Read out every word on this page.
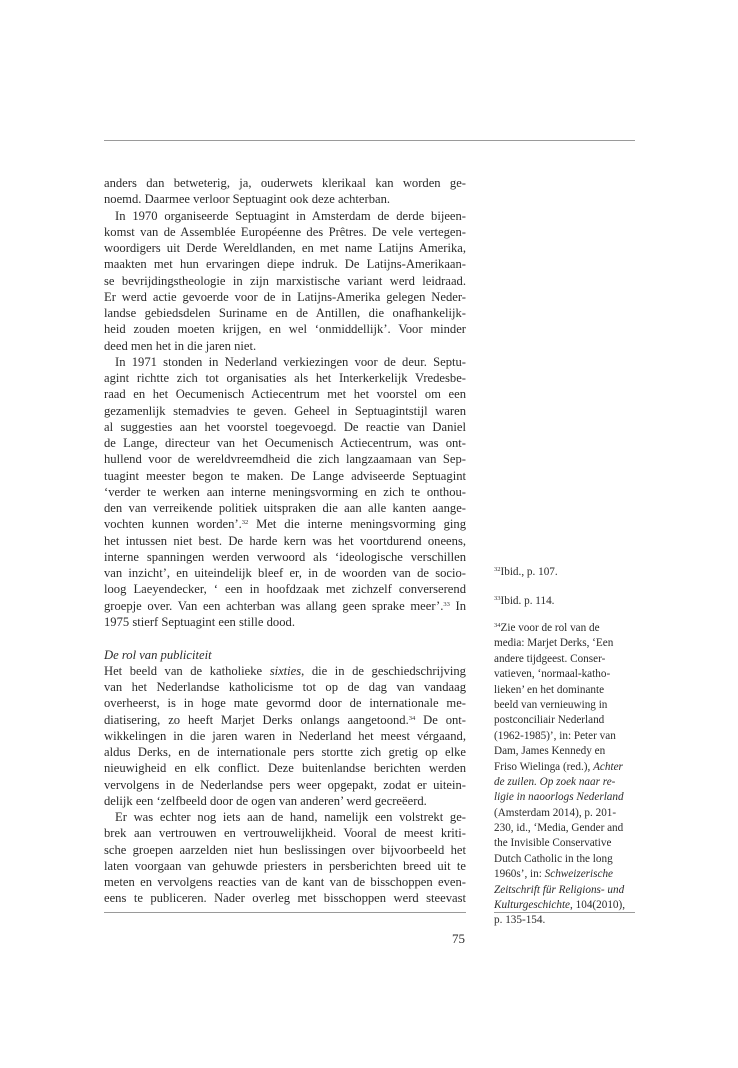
anders dan betweterig, ja, ouderwets klerikaal kan worden ge-
noemd. Daarmee verloor Septuagint ook deze achterban.
In 1970 organiseerde Septuagint in Amsterdam de derde bijeen-
komst van de Assemblée Européenne des Prêtres. De vele vertegen-
woordigers uit Derde Wereldlanden, en met name Latijns Amerika,
maakten met hun ervaringen diepe indruk. De Latijns-Amerikaan-
se bevrijdingstheologie in zijn marxistische variant werd leidraad.
Er werd actie gevoerde voor de in Latijns-Amerika gelegen Neder-
landse gebiedsdelen Suriname en de Antillen, die onafhankelijk-
heid zouden moeten krijgen, en wel ‘onmiddellijk’. Voor minder
deed men het in die jaren niet.
In 1971 stonden in Nederland verkiezingen voor de deur. Septu-
agint richtte zich tot organisaties als het Interkerkelijk Vredesbe-
raad en het Oecumenisch Actiecentrum met het voorstel om een
gezamenlijk stemadvies te geven. Geheel in Septuagintstijl waren
al suggesties aan het voorstel toegevoegd. De reactie van Daniel
de Lange, directeur van het Oecumenisch Actiecentrum, was ont-
hullend voor de wereldvreemdheid die zich langzaamaan van Sep-
tuagint meester begon te maken. De Lange adviseerde Septuagint
‘verder te werken aan interne meningsvorming en zich te onthou-
den van verreikende politiek uitspraken die aan alle kanten aange-
vochten kunnen worden’.$^{32}$ Met die interne meningsvorming ging
het intussen niet best. De harde kern was het voortdurend oneens,
interne spanningen werden verwoord als ‘ideologische verschillen
van inzicht’, en uiteindelijk bleef er, in de woorden van de socio-
loog Laeyendecker, ‘ een in hoofdzaak met zichzelf converserend
groepje over. Van een achterban was allang geen sprake meer’.$^{33}$ In
1975 stierf Septuagint een stille dood.
De rol van publiciteit
Het beeld van de katholieke sixties, die in de geschiedschrijving
van het Nederlandse katholicisme tot op de dag van vandaag
overheerst, is in hoge mate gevormd door de internationale me-
diatisering, zo heeft Marjet Derks onlangs aangetoond.$^{34}$ De ont-
wikkelingen in die jaren waren in Nederland het meest vérgaand,
aldus Derks, en de internationale pers stortte zich gretig op elke
nieuwigheid en elk conflict. Deze buitenlandse berichten werden
vervolgens in de Nederlandse pers weer opgepakt, zodat er uitein-
delijk een ‘zelfbeeld door de ogen van anderen’ werd gecreëerd.
Er was echter nog iets aan de hand, namelijk een volstrekt ge-
brek aan vertrouwen en vertrouwelijkheid. Vooral de meest kriti-
sche groepen aarzelden niet hun beslissingen over bijvoorbeeld het
laten voorgaan van gehuwde priesters in persberichten breed uit te
meten en vervolgens reacties van de kant van de bisschoppen even-
eens te publiceren. Nader overleg met bisschoppen werd steevast
$^{32}$Ibid., p. 107.
$^{33}$Ibid. p. 114.
$^{34}$Zie voor de rol van de
media: Marjet Derks, ‘Een
andere tijdgeest. Conser-
vatieven, ‘normaal-katho-
lieken’ en het dominante
beeld van vernieuwing in
postconciliair Nederland
(1962-1985)’, in: Peter van
Dam, James Kennedy en
Friso Wielinga (red.), Achter
de zuilen. Op zoek naar re-
ligie in naoorlogs Nederland
(Amsterdam 2014), p. 201-
230, id., ‘Media, Gender and
the Invisible Conservative
Dutch Catholic in the long
1960s’, in: Schweizerische
Zeitschrift für Religions- und
Kulturgeschichte, 104(2010),
p. 135-154.
75
